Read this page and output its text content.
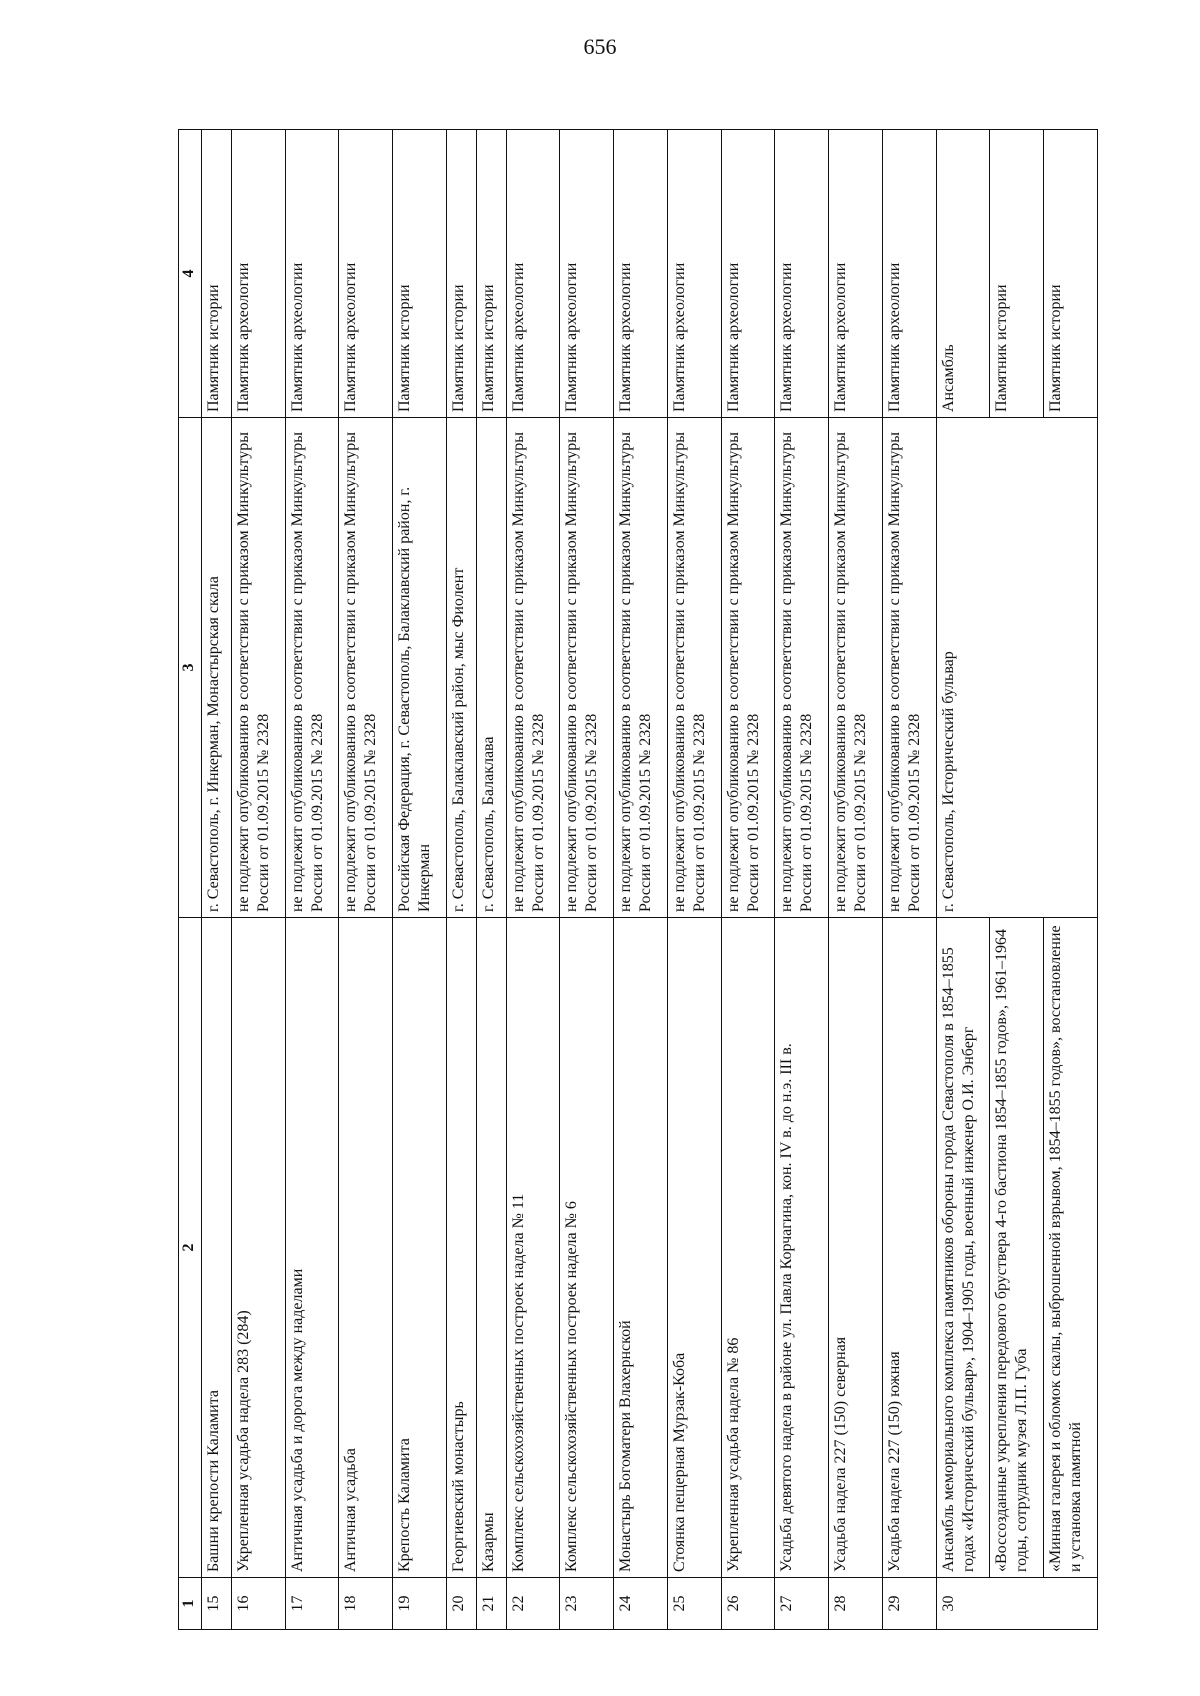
656
1	2	3	4
15	Башни крепости Каламита	г. Севастополь, г. Инкерман, Монастырская скала	Памятник истории
16	Укрепленная усадьба надела 283 (284)	не подлежит опубликованию в соответствии с приказом Минкультуры России от 01.09.2015 № 2328	Памятник археологии
17	Античная усадьба и дорога между наделами	не подлежит опубликованию в соответствии с приказом Минкультуры России от 01.09.2015 № 2328	Памятник археологии
18	Античная усадьба	не подлежит опубликованию в соответствии с приказом Минкультуры России от 01.09.2015 № 2328	Памятник археологии
19	Крепость Каламита	Российская Федерация, г. Севастополь, Балаклавский район, г. Инкерман	Памятник истории
20	Георгиевский монастырь	г. Севастополь, Балаклавский район, мыс Фиолент	Памятник истории
21	Казармы	г. Севастополь, Балаклава	Памятник истории
22	Комплекс сельскохозяйственных построек надела № 11	не подлежит опубликованию в соответствии с приказом Минкультуры России от 01.09.2015 № 2328	Памятник археологии
23	Комплекс сельскохозяйственных построек надела № 6	не подлежит опубликованию в соответствии с приказом Минкультуры России от 01.09.2015 № 2328	Памятник археологии
24	Монастырь Богоматери Влахернской	не подлежит опубликованию в соответствии с приказом Минкультуры России от 01.09.2015 № 2328	Памятник археологии
25	Стоянка пещерная Мурзак-Коба	не подлежит опубликованию в соответствии с приказом Минкультуры России от 01.09.2015 № 2328	Памятник археологии
26	Укрепленная усадьба надела № 86	не подлежит опубликованию в соответствии с приказом Минкультуры России от 01.09.2015 № 2328	Памятник археологии
27	Усадьба девятого надела в районе ул. Павла Корчагина, кон. IV в. до н.э. III в.	не подлежит опубликованию в соответствии с приказом Минкультуры России от 01.09.2015 № 2328	Памятник археологии
28	Усадьба надела 227 (150) северная	не подлежит опубликованию в соответствии с приказом Минкультуры России от 01.09.2015 № 2328	Памятник археологии
29	Усадьба надела 227 (150) южная	не подлежит опубликованию в соответствии с приказом Минкультуры России от 01.09.2015 № 2328	Памятник археологии
30	Ансамбль мемориального комплекса памятников обороны города Севастополя в 1854–1855 годах «Исторический бульвар», 1904–1905 годы, военный инженер О.И. Энберг	г. Севастополь, Исторический бульвар	Ансамбль
	«Воссозданные укрепления передового бруствера 4-го бастиона 1854–1855 годов», 1961–1964 годы, сотрудник музея Л.П. Губа		Памятник истории
	«Минная галерея и обломок скалы, выброшенной взрывом, 1854–1855 годов», восстановление и установка памятной		Памятник истории
